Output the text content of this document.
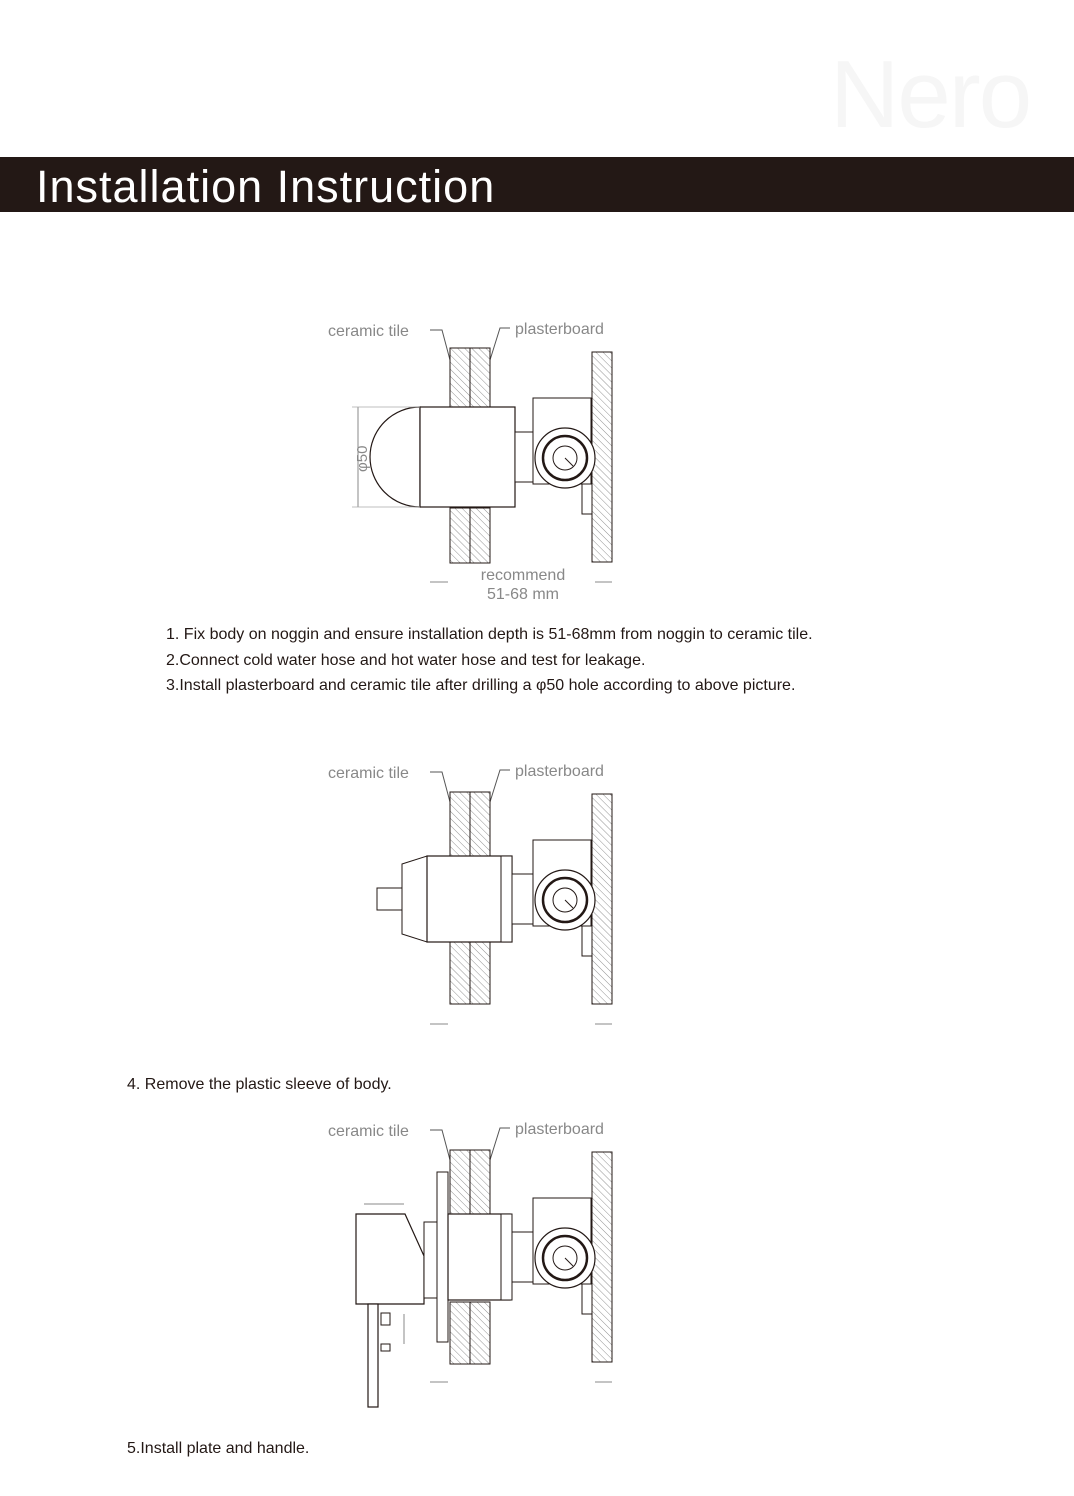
Nero
Installation Instruction
ceramic tile	plasterboard
φ50
recommend
51-68 mm
1. Fix body on noggin and ensure installation depth is 51-68mm from noggin to ceramic tile.
2.Connect cold water hose and hot water hose and test for leakage.
3.Install plasterboard and ceramic tile after drilling a φ50 hole according to above picture.
ceramic tile	plasterboard
4. Remove the plastic sleeve of body.
ceramic tile	plasterboard
5.Install plate and handle.
